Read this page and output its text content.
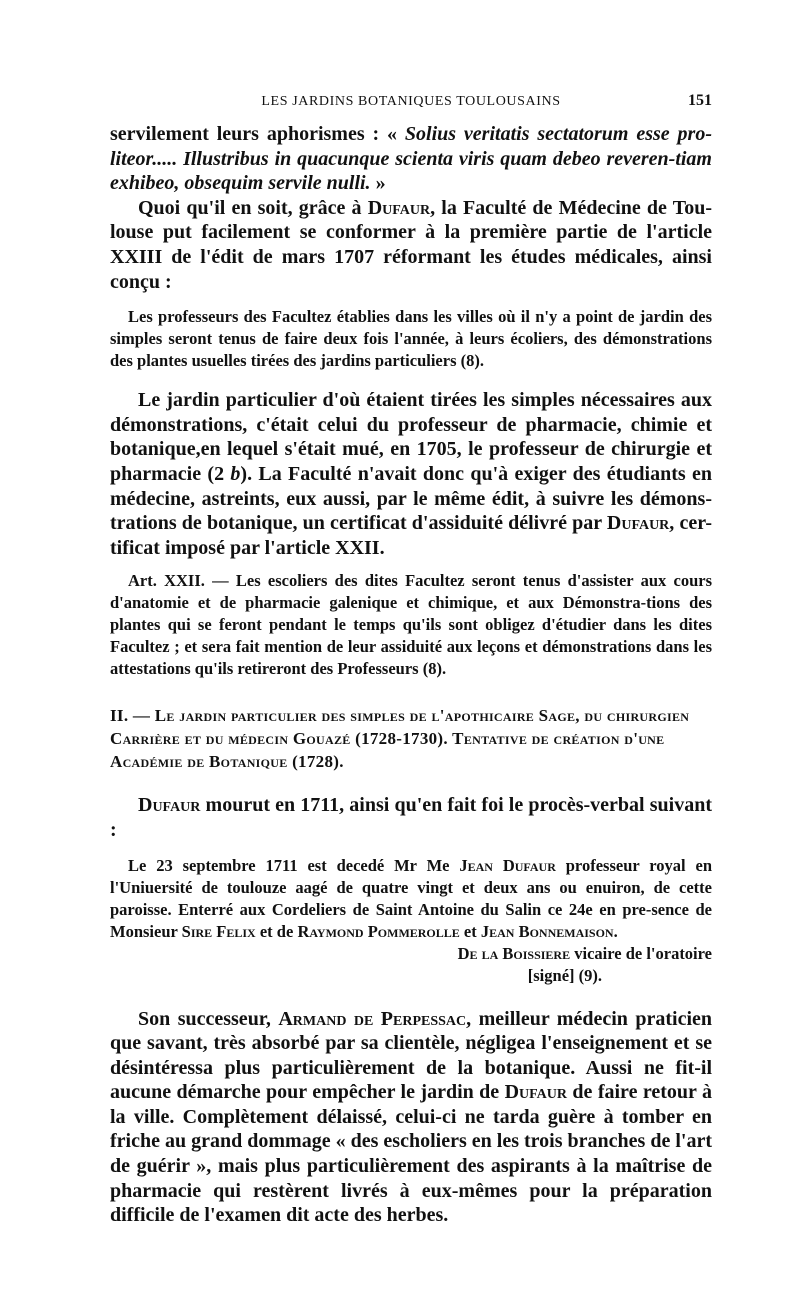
LES JARDINS BOTANIQUES TOULOUSAINS	151

servilement leurs aphorismes : « Solius veritatis sectatorum esse pro-liteor..... Illustribus in quacunque scienta viris quam debeo reveren-tiam exhibeo, obsequim servile nulli. »

Quoi qu'il en soit, grâce à Dufaur, la Faculté de Médecine de Tou-louse put facilement se conformer à la première partie de l'article XXIII de l'édit de mars 1707 réformant les études médicales, ainsi conçu :

Les professeurs des Facultez établies dans les villes où il n'y a point de jardin des simples seront tenus de faire deux fois l'année, à leurs écoliers, des démonstrations des plantes usuelles tirées des jardins particuliers (8).

Le jardin particulier d'où étaient tirées les simples nécessaires aux démonstrations, c'était celui du professeur de pharmacie, chimie et botanique,en lequel s'était mué, en 1705, le professeur de chirurgie et pharmacie (2 b). La Faculté n'avait donc qu'à exiger des étudiants en médecine, astreints, eux aussi, par le même édit, à suivre les démons-trations de botanique, un certificat d'assiduité délivré par Dufaur, cer-tificat imposé par l'article XXII.

Art. XXII. — Les escoliers des dites Facultez seront tenus d'assister aux cours d'anatomie et de pharmacie galenique et chimique, et aux Démonstra-tions des plantes qui se feront pendant le temps qu'ils sont obligez d'étudier dans les dites Facultez ; et sera fait mention de leur assiduité aux leçons et démonstrations dans les attestations qu'ils retireront des Professeurs (8).
II. — Le jardin particulier des simples de l'apothicaire Sage, du chirurgien Carrière et du médecin Gouazé (1728-1730). Tentative de création d'une Académie de Botanique (1728).

Dufaur mourut en 1711, ainsi qu'en fait foi le procès-verbal suivant :

Le 23 septembre 1711 est decedé Mr Me Jean Dufaur professeur royal en l'Uniuersité de toulouze aagé de quatre vingt et deux ans ou enuiron, de cette paroisse. Enterré aux Cordeliers de Saint Antoine du Salin ce 24e en pre-sence de Monsieur Sire Felix et de Raymond Pommerolle et Jean Bonnemaison.
De la Boissiere vicaire de l'oratoire
[signé] (9).

Son successeur, Armand de Perpessac, meilleur médecin praticien que savant, très absorbé par sa clientèle, négligea l'enseignement et se désintéressa plus particulièrement de la botanique. Aussi ne fit-il aucune démarche pour empêcher le jardin de Dufaur de faire retour à la ville. Complètement délaissé, celui-ci ne tarda guère à tomber en friche au grand dommage « des escholiers en les trois branches de l'art de guérir », mais plus particulièrement des aspirants à la maîtrise de pharmacie qui restèrent livrés à eux-mêmes pour la préparation difficile de l'examen dit acte des herbes.
